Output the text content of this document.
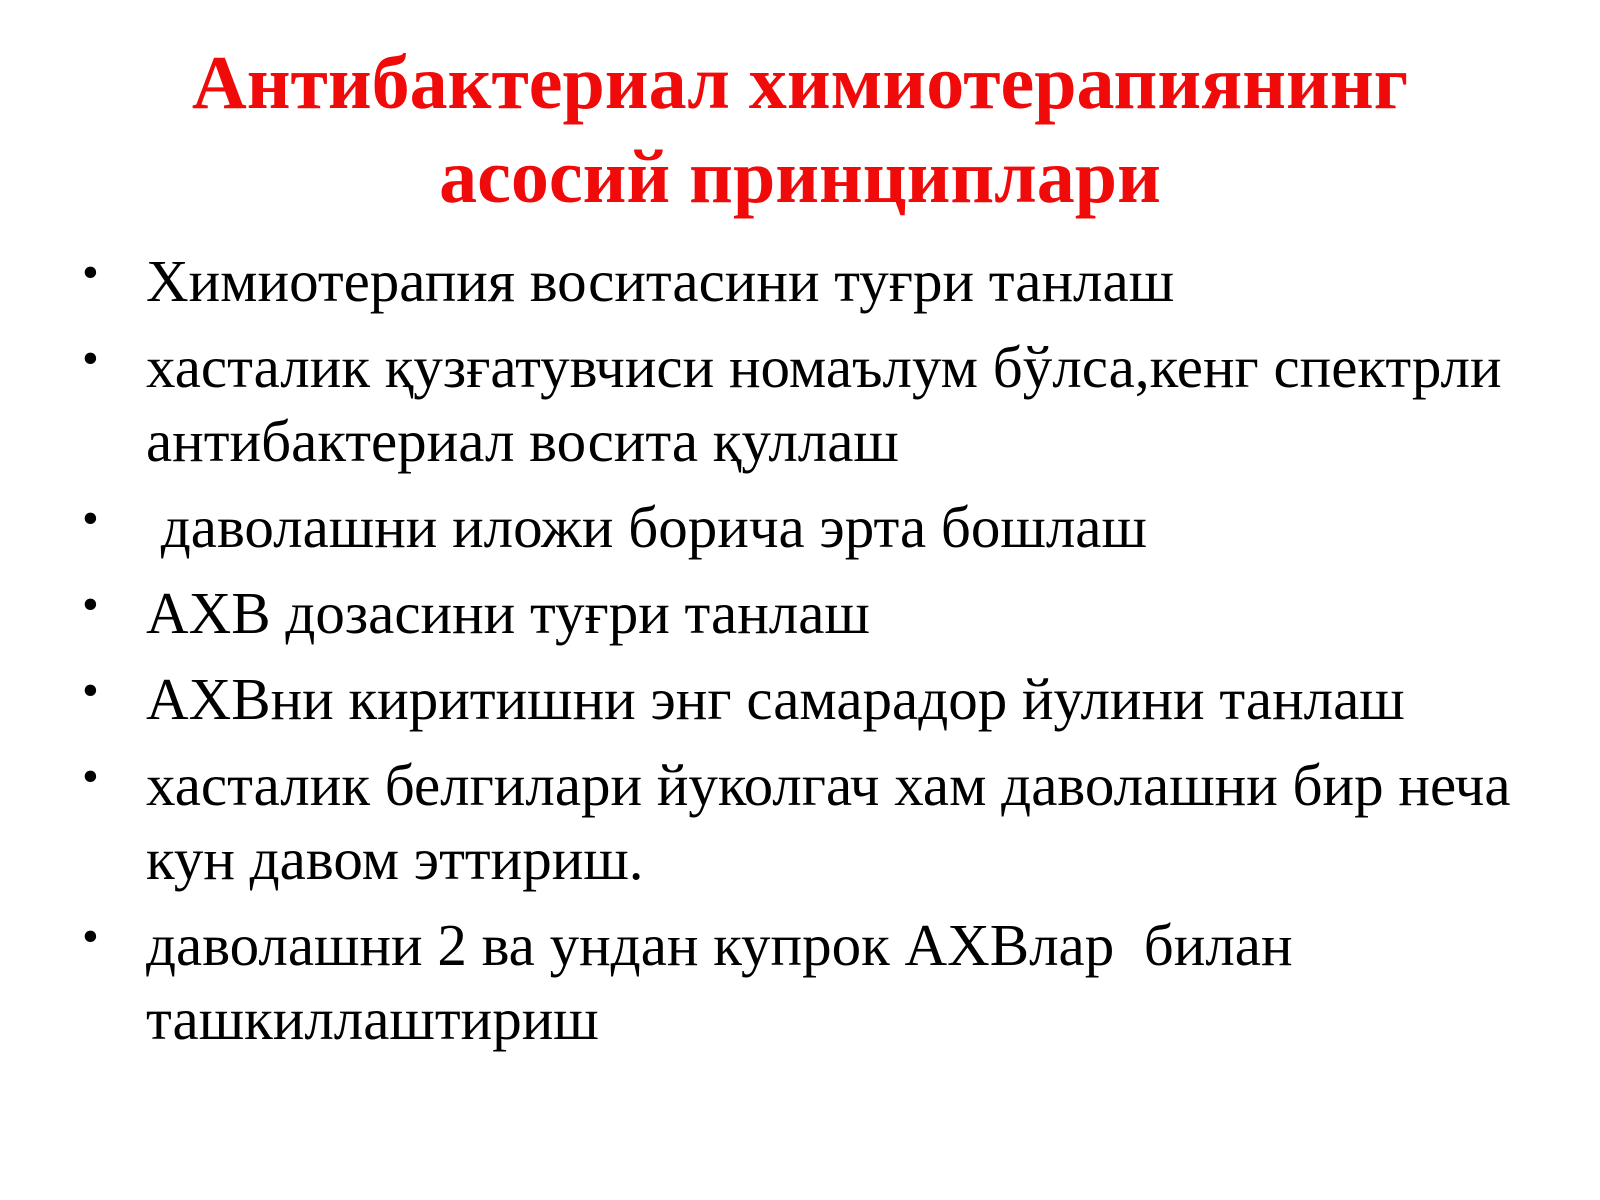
Антибактериал химиотерапиянинг
асосий принциплари
• Химиотерапия воситасини туғри танлаш
• хасталик қузғатувчиси номаълум бўлса,кенг спектрли антибактериал восита қуллаш
• даволашни иложи борича эрта бошлаш
• АХВ дозасини туғри танлаш
• АХВни киритишни энг самарадор йулини танлаш
• хасталик белгилари йуколгач хам даволашни бир неча кун давом эттириш.
• даволашни 2 ва ундан купрок АХВлар  билан ташкиллаштириш
